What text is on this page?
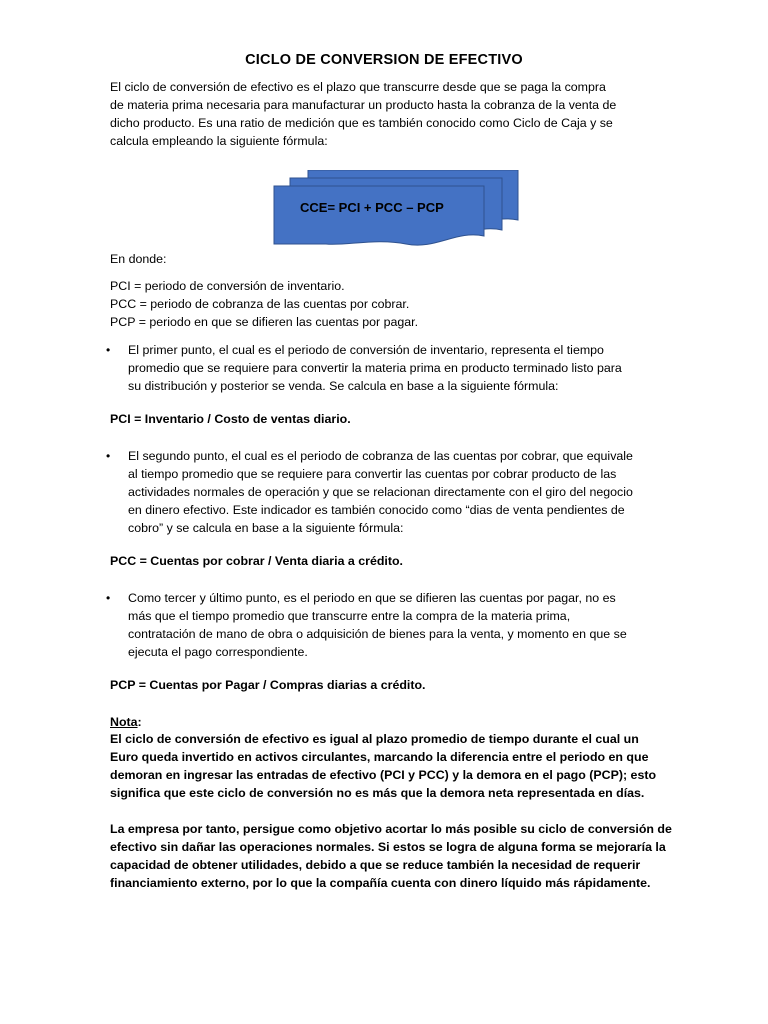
CICLO DE CONVERSION DE EFECTIVO
El ciclo de conversión de efectivo es el plazo que transcurre desde que se paga la compra
de materia prima necesaria para manufacturar un producto hasta la cobranza de la venta de
dicho producto. Es una ratio de medición que es también conocido como Ciclo de Caja y se
calcula empleando la siguiente fórmula:
CCE= PCI + PCC – PCP
En donde:
PCI = periodo de conversión de inventario.
PCC = periodo de cobranza de las cuentas por cobrar.
PCP = periodo en que se difieren las cuentas por pagar.
•	El primer punto, el cual es el periodo de conversión de inventario, representa el tiempo
promedio que se requiere para convertir la materia prima en producto terminado listo para
su distribución y posterior se venda. Se calcula en base a la siguiente fórmula:
PCI = Inventario / Costo de ventas diario.
•	El segundo punto, el cual es el periodo de cobranza de las cuentas por cobrar, que equivale
al tiempo promedio que se requiere para convertir las cuentas por cobrar producto de las
actividades normales de operación y que se relacionan directamente con el giro del negocio
en dinero efectivo. Este indicador es también conocido como “dias de venta pendientes de
cobro” y se calcula en base a la siguiente fórmula:
PCC = Cuentas por cobrar / Venta diaria a crédito.
•	Como tercer y último punto, es el periodo en que se difieren las cuentas por pagar, no es
más que el tiempo promedio que transcurre entre la compra de la materia prima,
contratación de mano de obra o adquisición de bienes para la venta, y momento en que se
ejecuta el pago correspondiente.
PCP = Cuentas por Pagar / Compras diarias a crédito.
Nota:
El ciclo de conversión de efectivo es igual al plazo promedio de tiempo durante el cual un
Euro queda invertido en activos circulantes, marcando la diferencia entre el periodo en que
demoran en ingresar las entradas de efectivo (PCI y PCC) y la demora en el pago (PCP); esto
significa que este ciclo de conversión no es más que la demora neta representada en días.
La empresa por tanto, persigue como objetivo acortar lo más posible su ciclo de conversión de
efectivo sin dañar las operaciones normales. Si estos se logra de alguna forma se mejoraría la
capacidad de obtener utilidades, debido a que se reduce también la necesidad de requerir
financiamiento externo, por lo que la compañía cuenta con dinero líquido más rápidamente.
